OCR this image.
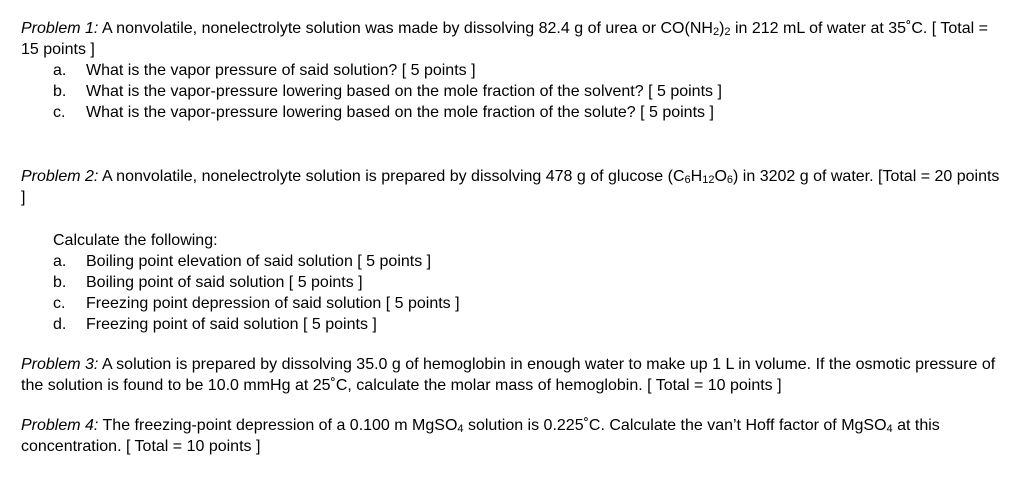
Problem 1: A nonvolatile, nonelectrolyte solution was made by dissolving 82.4 g of urea or $CO(NH_2)_2$ in 212 mL of water at 35˚C. [ Total = 15 points ]

a.	What is the vapor pressure of said solution? [ 5 points ]
b.	What is the vapor-pressure lowering based on the mole fraction of the solvent? [ 5 points ]
c.	What is the vapor-pressure lowering based on the mole fraction of the solute? [ 5 points ]

Problem 2: A nonvolatile, nonelectrolyte solution is prepared by dissolving 478 g of glucose $(C_6H_{12}O_6)$ in 3202 g of water. [Total = 20 points ]

Calculate the following:

a.	Boiling point elevation of said solution [ 5 points ]
b.	Boiling point of said solution [ 5 points ]
c.	Freezing point depression of said solution [ 5 points ]
d.	Freezing point of said solution [ 5 points ]

Problem 3: A solution is prepared by dissolving 35.0 g of hemoglobin in enough water to make up 1 L in volume. If the osmotic pressure of the solution is found to be 10.0 mmHg at 25˚C, calculate the molar mass of hemoglobin. [ Total = 10 points ]

Problem 4: The freezing-point depression of a 0.100 m MgSO$_4$ solution is 0.225˚C. Calculate the van’t Hoff factor of MgSO$_4$ at this concentration. [ Total = 10 points ]
